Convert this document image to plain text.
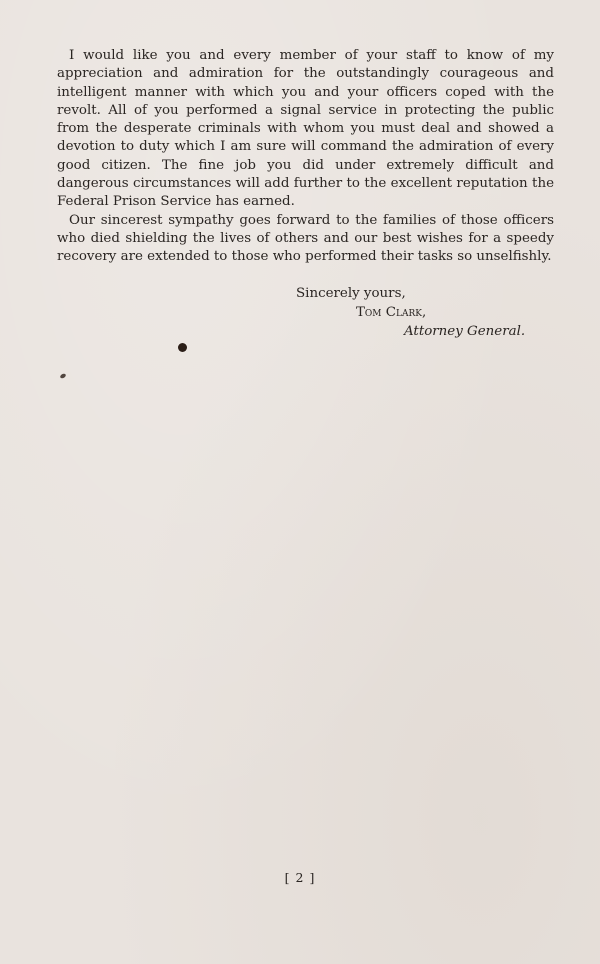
I would like you and every member of your staff to know of my appreciation and admiration for the outstandingly courageous and intelligent manner with which you and your officers coped with the revolt. All of you performed a signal service in protecting the public from the desperate criminals with whom you must deal and showed a devotion to duty which I am sure will command the admiration of every good citizen. The fine job you did under extremely difficult and dangerous circumstances will add further to the excellent reputation the Federal Prison Service has earned.

Our sincerest sympathy goes forward to the families of those officers who died shielding the lives of others and our best wishes for a speedy recovery are extended to those who performed their tasks so unselfishly.

Sincerely yours,
Tom Clark,
Attorney General.
[ 2 ]
